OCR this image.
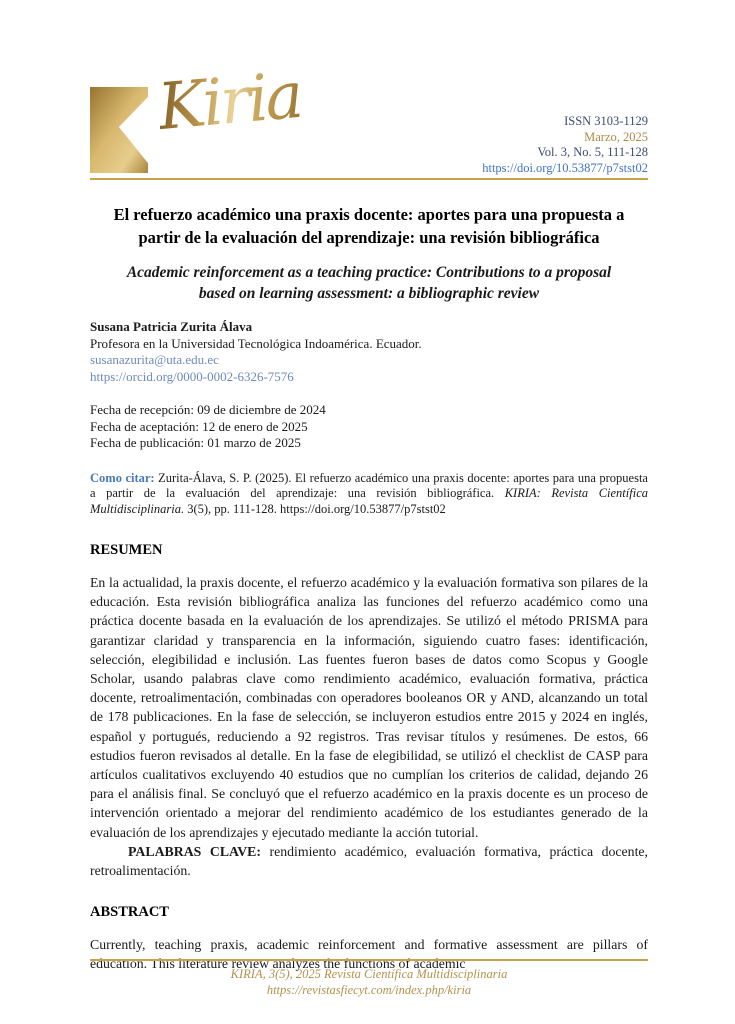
Kiria	ISSN 3103-1129
Marzo, 2025
Vol. 3, No. 5, 111-128
https://doi.org/10.53877/p7stst02
El refuerzo académico una praxis docente: aportes para una propuesta a partir de la evaluación del aprendizaje: una revisión bibliográfica
Academic reinforcement as a teaching practice: Contributions to a proposal based on learning assessment: a bibliographic review
Susana Patricia Zurita Álava
Profesora en la Universidad Tecnológica Indoamérica. Ecuador.
susanazurita@uta.edu.ec
https://orcid.org/0000-0002-6326-7576
Fecha de recepción: 09 de diciembre de 2024
Fecha de aceptación: 12 de enero de 2025
Fecha de publicación: 01 marzo de 2025

Como citar: Zurita-Álava, S. P. (2025). El refuerzo académico una praxis docente: aportes para una propuesta a partir de la evaluación del aprendizaje: una revisión bibliográfica. KIRIA: Revista Científica Multidisciplinaria. 3(5), pp. 111-128. https://doi.org/10.53877/p7stst02

RESUMEN

En la actualidad, la praxis docente, el refuerzo académico y la evaluación formativa son pilares de la educación. Esta revisión bibliográfica analiza las funciones del refuerzo académico como una práctica docente basada en la evaluación de los aprendizajes. Se utilizó el método PRISMA para garantizar claridad y transparencia en la información, siguiendo cuatro fases: identificación, selección, elegibilidad e inclusión. Las fuentes fueron bases de datos como Scopus y Google Scholar, usando palabras clave como rendimiento académico, evaluación formativa, práctica docente, retroalimentación, combinadas con operadores booleanos OR y AND, alcanzando un total de 178 publicaciones. En la fase de selección, se incluyeron estudios entre 2015 y 2024 en inglés, español y portugués, reduciendo a 92 registros. Tras revisar títulos y resúmenes. De estos, 66 estudios fueron revisados al detalle. En la fase de elegibilidad, se utilizó el checklist de CASP para artículos cualitativos excluyendo 40 estudios que no cumplían los criterios de calidad, dejando 26 para el análisis final. Se concluyó que el refuerzo académico en la praxis docente es un proceso de intervención orientado a mejorar del rendimiento académico de los estudiantes generado de la evaluación de los aprendizajes y ejecutado mediante la acción tutorial.

PALABRAS CLAVE: rendimiento académico, evaluación formativa, práctica docente, retroalimentación.

ABSTRACT

Currently, teaching praxis, academic reinforcement and formative assessment are pillars of education. This literature review analyzes the functions of academic

KIRIA, 3(5), 2025 Revista Científica Multidisciplinaria
https://revistasfiecyt.com/index.php/kiria
